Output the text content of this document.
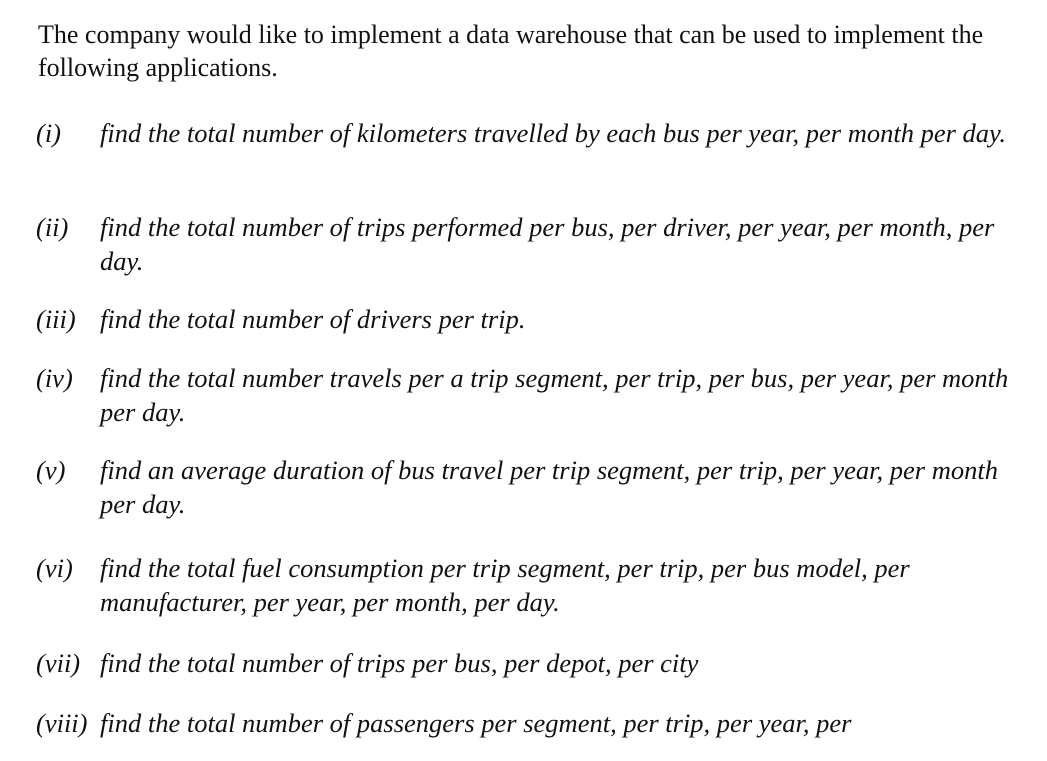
The company would like to implement a data warehouse that can be used to implement the following applications.
(i) find the total number of kilometers travelled by each bus per year, per month per day.
(ii) find the total number of trips performed per bus, per driver, per year, per month, per day.
(iii) find the total number of drivers per trip.
(iv) find the total number travels per a trip segment, per trip, per bus, per year, per month per day.
(v) find an average duration of bus travel per trip segment, per trip, per year, per month per day.
(vi) find the total fuel consumption per trip segment, per trip, per bus model, per manufacturer, per year, per month, per day.
(vii) find the total number of trips per bus, per depot, per city
(viii) find the total number of passengers per segment, per trip, per year, per
